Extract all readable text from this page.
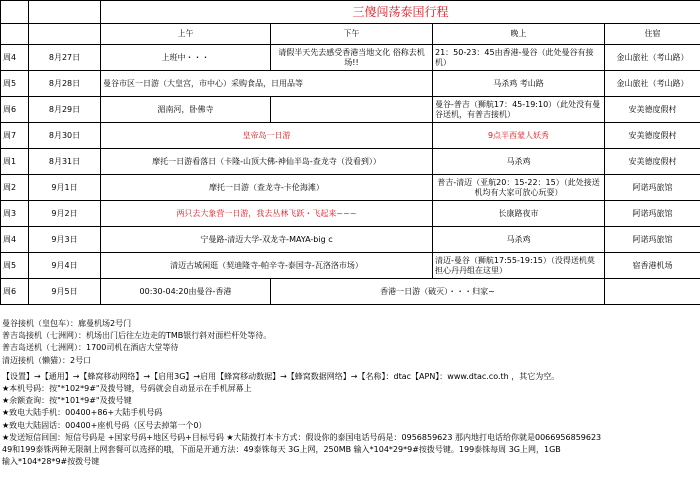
		三傻闯荡泰国行程			
		上午	下午	晚上	住宿
周4	8月27日	上班中・・・	请假半天先去感受香港当地文化 俗称去机场!!	21：50-23：45由香港-曼谷（此处曼谷有接机）	金山旅社（考山路）
周5	8月28日	曼谷市区一日游（大皇宫，市中心）采购食品，日用品等		马杀鸡 考山路	金山旅社（考山路）
周6	8月29日	湄南河，卧佛寺		曼谷-普吉（狮航17：45-19:10）（此处没有曼谷送机，有普吉接机）	安美德度假村
周7	8月30日	皇帝岛一日游		9点半西蒙人妖秀	安美德度假村
周1	8月31日	摩托一日游看落日（卡隆-山顶大佛-神仙半岛-查龙寺（没看到））		马杀鸡	安美德度假村
周2	9月1日	摩托一日游（查龙寺-卡伦海滩）		普吉-清迈（亚航20：15-22：15）（此处接送机均有大家可放心玩耍）	阿诺玛旅馆
周3	9月2日	两只去大象营一日游，我去丛林飞跃・飞起来~~~		长康路夜市	阿诺玛旅馆
周4	9月3日	宁曼路-清迈大学-双龙寺-MAYA-big c		马杀鸡	阿诺玛旅馆
周5	9月4日	清迈古城闲逛（契迪隆寺-帕辛寺-泰国寺-瓦洛洛市场）		清迈-曼谷（狮航17:55-19:15）（没得送机莫担心丹丹组在这里）	宿香港机场
周6	9月5日	00:30-04:20由曼谷-香港	香港一日游（破灭）・・・归家~		
曼谷接机（皇包车）：廊曼机场2号门
普吉岛接机（七洲网）：机场出门后往左边走的TMB银行斜对面栏杆处等待。
普吉岛送机（七洲网）：1700司机在酒店大堂等待
清迈接机（懒猫）：2号口
【设置】→【通用】→【蜂窝移动网络】→【启用3G】→启用【蜂窝移动数据】→【蜂窝数据网络】→【名称】：dtac【APN】：www.dtac.co.th ，其它为空。
★本机号码：按"*102*9#"及拨号键，号码就会自动显示在手机屏幕上
★余额查询：按"*101*9#"及拨号键
★致电大陆手机：00400+86+大陆手机号码
★致电大陆固话：00400+座机号码（区号去掉第一个0）
★发送短信回国：短信号码是 +国家号码+地区号码+目标号码 ★大陆拨打本卡方式：假设你的泰国电话号码是：0956859623 那内地打电话给你就是0066956859623
49和199泰铢两种无限制上网套餐可以选择的哦，下面是开通方法：49泰铢每天 3G上网，250MB 输入*104*29*9#按拨号键。199泰铢每周 3G上网，1GB
输入*104*28*9#按拨号键
